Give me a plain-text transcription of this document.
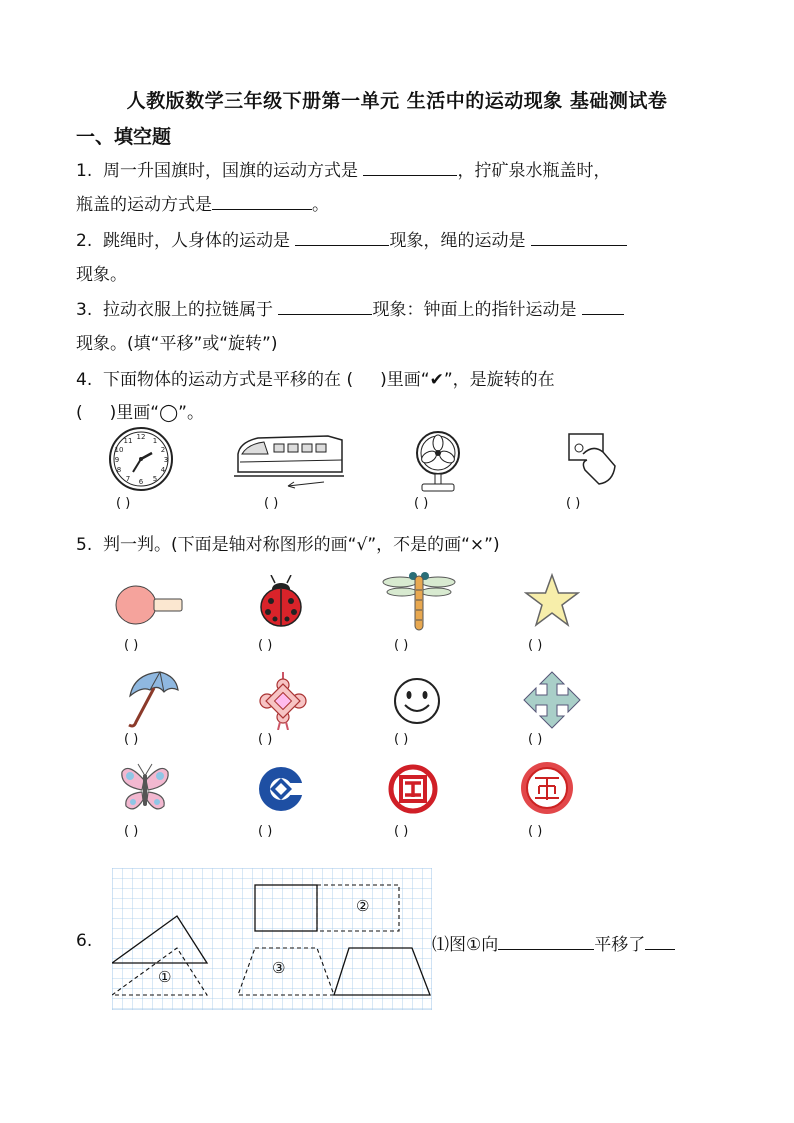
人教版数学三年级下册第一单元 生活中的运动现象 基础测试卷
一、填空题
1. 周一升国旗时，国旗的运动方式是	，拧矿泉水瓶盖时，
瓶盖的运动方式是	。
2. 跳绳时，人身体的运动是	现象，绳的运动是
现象。
3. 拉动衣服上的拉链属于	现象：钟面上的指针运动是
现象。(填“平移”或“旋转”)
4. 下面物体的运动方式是平移的在 ( )里画“✔”，是旋转的在
( )里画“◯”。
12 1
2
3
4
5
6
7
8
9
10
11
( )	( )	( )	( )
5. 判一判。(下面是轴对称图形的画“√”，不是的画“×”)
( )	( )	( )	( )
( )	( )	( )	( )
( )	( )	( )	( )
6.
①
②
③
⑴图①向	平移了
